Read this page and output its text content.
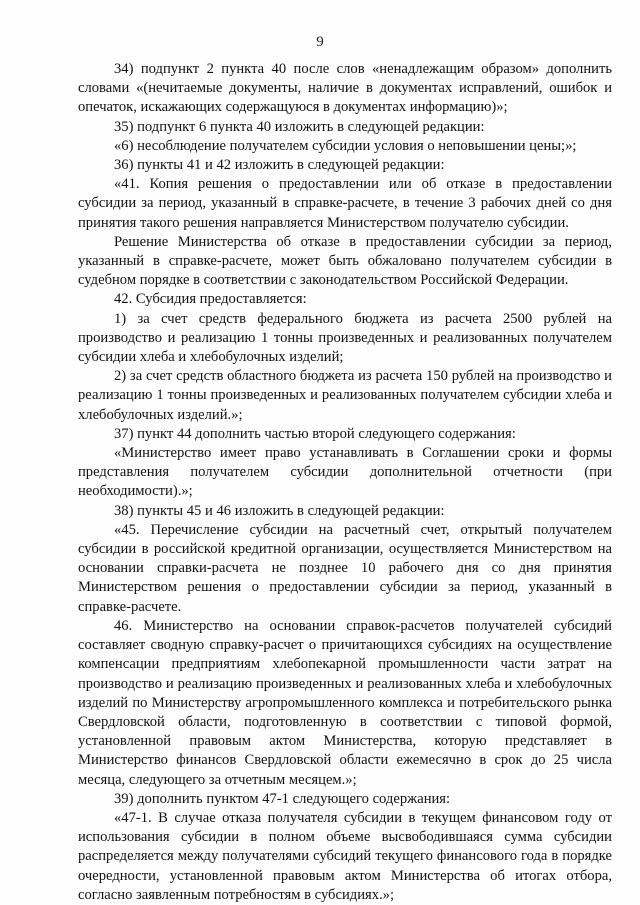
9

34) подпункт 2 пункта 40 после слов «ненадлежащим образом» дополнить словами «(нечитаемые документы, наличие в документах исправлений, ошибок и опечаток, искажающих содержащуюся в документах информацию)»;

35) подпункт 6 пункта 40 изложить в следующей редакции:

«6) несоблюдение получателем субсидии условия о неповышении цены;»;

36) пункты 41 и 42 изложить в следующей редакции:

«41. Копия решения о предоставлении или об отказе в предоставлении субсидии за период, указанный в справке-расчете, в течение 3 рабочих дней со дня принятия такого решения направляется Министерством получателю субсидии.

Решение Министерства об отказе в предоставлении субсидии за период, указанный в справке-расчете, может быть обжаловано получателем субсидии в судебном порядке в соответствии с законодательством Российской Федерации.

42. Субсидия предоставляется:

1) за счет средств федерального бюджета из расчета 2500 рублей на производство и реализацию 1 тонны произведенных и реализованных получателем субсидии хлеба и хлебобулочных изделий;

2) за счет средств областного бюджета из расчета 150 рублей на производство и реализацию 1 тонны произведенных и реализованных получателем субсидии хлеба и хлебобулочных изделий.»;

37) пункт 44 дополнить частью второй следующего содержания:

«Министерство имеет право устанавливать в Соглашении сроки и формы представления получателем субсидии дополнительной отчетности (при необходимости).»;

38) пункты 45 и 46 изложить в следующей редакции:

«45. Перечисление субсидии на расчетный счет, открытый получателем субсидии в российской кредитной организации, осуществляется Министерством на основании справки-расчета не позднее 10 рабочего дня со дня принятия Министерством решения о предоставлении субсидии за период, указанный в справке-расчете.

46. Министерство на основании справок-расчетов получателей субсидий составляет сводную справку-расчет о причитающихся субсидиях на осуществление компенсации предприятиям хлебопекарной промышленности части затрат на производство и реализацию произведенных и реализованных хлеба и хлебобулочных изделий по Министерству агропромышленного комплекса и потребительского рынка Свердловской области, подготовленную в соответствии с типовой формой, установленной правовым актом Министерства, которую представляет в Министерство финансов Свердловской области ежемесячно в срок до 25 числа месяца, следующего за отчетным месяцем.»;

39) дополнить пунктом 47-1 следующего содержания:

«47-1. В случае отказа получателя субсидии в текущем финансовом году от использования субсидии в полном объеме высвободившаяся сумма субсидии распределяется между получателями субсидий текущего финансового года в порядке очередности, установленной правовым актом Министерства об итогах отбора, согласно заявленным потребностям в субсидиях.»;
